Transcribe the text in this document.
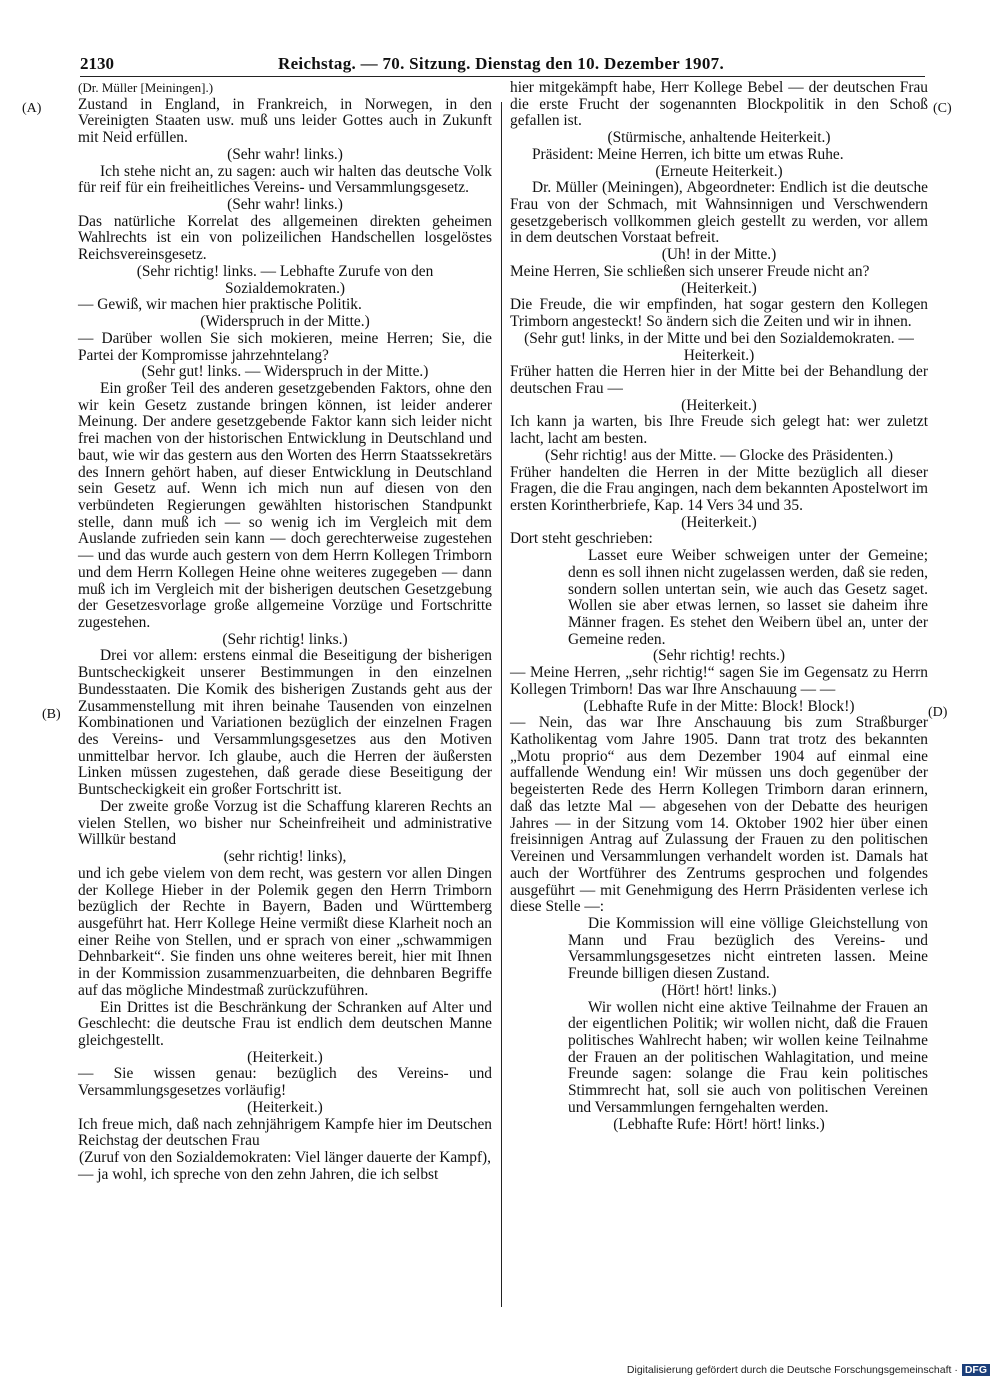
2130	Reichstag. — 70. Sitzung. Dienstag den 10. Dezember 1907.

(Dr. Müller [Meiningen].)

Zustand in England, in Frankreich, in Norwegen, in den Vereinigten Staaten usw. muß uns leider Gottes auch in Zukunft mit Neid erfüllen.

(Sehr wahr! links.)

Ich stehe nicht an, zu sagen: auch wir halten das deutsche Volk für reif für ein freiheitliches Vereins- und Versammlungsgesetz.

(Sehr wahr! links.)

Das natürliche Korrelat des allgemeinen direkten geheimen Wahlrechts ist ein von polizeilichen Handschellen losgelöstes Reichsvereinsgesetz.

(Sehr richtig! links. — Lebhafte Zurufe von den Sozialdemokraten.)

— Gewiß, wir machen hier praktische Politik.

(Widerspruch in der Mitte.)

— Darüber wollen Sie sich mokieren, meine Herren; Sie, die Partei der Kompromisse jahrzehntelang?

(Sehr gut! links. — Widerspruch in der Mitte.)

Ein großer Teil des anderen gesetzgebenden Faktors, ohne den wir kein Gesetz zustande bringen können, ist leider anderer Meinung. Der andere gesetzgebende Faktor kann sich leider nicht frei machen von der historischen Entwicklung in Deutschland und baut, wie wir das gestern aus den Worten des Herrn Staatssekretärs des Innern gehört haben, auf dieser Entwicklung in Deutschland sein Gesetz auf. Wenn ich mich nun auf diesen von den verbündeten Regierungen gewählten historischen Standpunkt stelle, dann muß ich — so wenig ich im Vergleich mit dem Auslande zufrieden sein kann — doch gerechterweise zugestehen — und das wurde auch gestern von dem Herrn Kollegen Trimborn und dem Herrn Kollegen Heine ohne weiteres zugegeben — dann muß ich im Vergleich mit der bisherigen deutschen Gesetzgebung der Gesetzesvorlage große allgemeine Vorzüge und Fortschritte zugestehen.

(Sehr richtig! links.)

Drei vor allem: erstens einmal die Beseitigung der bisherigen Buntscheckigkeit unserer Bestimmungen in den einzelnen Bundesstaaten. Die Komik des bisherigen Zustands geht aus der Zusammenstellung mit ihren beinahe Tausenden von einzelnen Kombinationen und Variationen bezüglich der einzelnen Fragen des Vereins- und Versammlungsgesetzes aus den Motiven unmittelbar hervor. Ich glaube, auch die Herren der äußersten Linken müssen zugestehen, daß gerade diese Beseitigung der Buntscheckigkeit ein großer Fortschritt ist.

Der zweite große Vorzug ist die Schaffung klareren Rechts an vielen Stellen, wo bisher nur Scheinfreiheit und administrative Willkür bestand

(sehr richtig! links),

und ich gebe vielem von dem recht, was gestern vor allen Dingen der Kollege Hieber in der Polemik gegen den Herrn Trimborn bezüglich der Rechte in Bayern, Baden und Württemberg ausgeführt hat. Herr Kollege Heine vermißt diese Klarheit noch an einer Reihe von Stellen, und er sprach von einer „schwammigen Dehnbarkeit“. Sie finden uns ohne weiteres bereit, hier mit Ihnen in der Kommission zusammenzuarbeiten, die dehnbaren Begriffe auf das mögliche Mindestmaß zurückzuführen.

Ein Drittes ist die Beschränkung der Schranken auf Alter und Geschlecht: die deutsche Frau ist endlich dem deutschen Manne gleichgestellt.

(Heiterkeit.)

— Sie wissen genau: bezüglich des Vereins- und Versammlungsgesetzes vorläufig!

(Heiterkeit.)

Ich freue mich, daß nach zehnjährigem Kampfe hier im Deutschen Reichstag der deutschen Frau

(Zuruf von den Sozialdemokraten: Viel länger dauerte der Kampf),

— ja wohl, ich spreche von den zehn Jahren, die ich selbst

hier mitgekämpft habe, Herr Kollege Bebel — der deutschen Frau die erste Frucht der sogenannten Blockpolitik in den Schoß gefallen ist.

(Stürmische, anhaltende Heiterkeit.)

Präsident: Meine Herren, ich bitte um etwas Ruhe.

(Erneute Heiterkeit.)

Dr. Müller (Meiningen), Abgeordneter: Endlich ist die deutsche Frau von der Schmach, mit Wahnsinnigen und Verschwendern gesetzgeberisch vollkommen gleich gestellt zu werden, vor allem in dem deutschen Vorstaat befreit.

(Uh! in der Mitte.)

Meine Herren, Sie schließen sich unserer Freude nicht an?

(Heiterkeit.)

Die Freude, die wir empfinden, hat sogar gestern den Kollegen Trimborn angesteckt! So ändern sich die Zeiten und wir in ihnen.

(Sehr gut! links, in der Mitte und bei den Sozialdemokraten. — Heiterkeit.)

Früher hatten die Herren hier in der Mitte bei der Behandlung der deutschen Frau —

(Heiterkeit.)

Ich kann ja warten, bis Ihre Freude sich gelegt hat: wer zuletzt lacht, lacht am besten.

(Sehr richtig! aus der Mitte. — Glocke des Präsidenten.)

Früher handelten die Herren in der Mitte bezüglich all dieser Fragen, die die Frau angingen, nach dem bekannten Apostelwort im ersten Korintherbriefe, Kap. 14 Vers 34 und 35.

(Heiterkeit.)

Dort steht geschrieben:

Lasset eure Weiber schweigen unter der Gemeine; denn es soll ihnen nicht zugelassen werden, daß sie reden, sondern sollen untertan sein, wie auch das Gesetz saget. Wollen sie aber etwas lernen, so lasset sie daheim ihre Männer fragen. Es stehet den Weibern übel an, unter der Gemeine reden.

(Sehr richtig! rechts.)

— Meine Herren, „sehr richtig!“ sagen Sie im Gegensatz zu Herrn Kollegen Trimborn! Das war Ihre Anschauung — —

(Lebhafte Rufe in der Mitte: Block! Block!)

— Nein, das war Ihre Anschauung bis zum Straßburger Katholikentag vom Jahre 1905. Dann trat trotz des bekannten „Motu proprio“ aus dem Dezember 1904 auf einmal eine auffallende Wendung ein! Wir müssen uns doch gegenüber der begeisterten Rede des Herrn Kollegen Trimborn daran erinnern, daß das letzte Mal — abgesehen von der Debatte des heurigen Jahres — in der Sitzung vom 14. Oktober 1902 hier über einen freisinnigen Antrag auf Zulassung der Frauen zu den politischen Vereinen und Versammlungen verhandelt worden ist. Damals hat auch der Wortführer des Zentrums gesprochen und folgendes ausgeführt — mit Genehmigung des Herrn Präsidenten verlese ich diese Stelle —:

Die Kommission will eine völlige Gleichstellung von Mann und Frau bezüglich des Vereins- und Versammlungsgesetzes nicht eintreten lassen. Meine Freunde billigen diesen Zustand.

(Hört! hört! links.)

Wir wollen nicht eine aktive Teilnahme der Frauen an der eigentlichen Politik; wir wollen nicht, daß die Frauen politisches Wahlrecht haben; wir wollen keine Teilnahme der Frauen an der politischen Wahlagitation, und meine Freunde sagen: solange die Frau kein politisches Stimmrecht hat, soll sie auch von politischen Vereinen und Versammlungen ferngehalten werden.

(Lebhafte Rufe: Hört! hört! links.)

(A)
(B)
(C)
(D)
Digitalisierung gefördert durch die Deutsche Forschungsgemeinschaft · DFG
